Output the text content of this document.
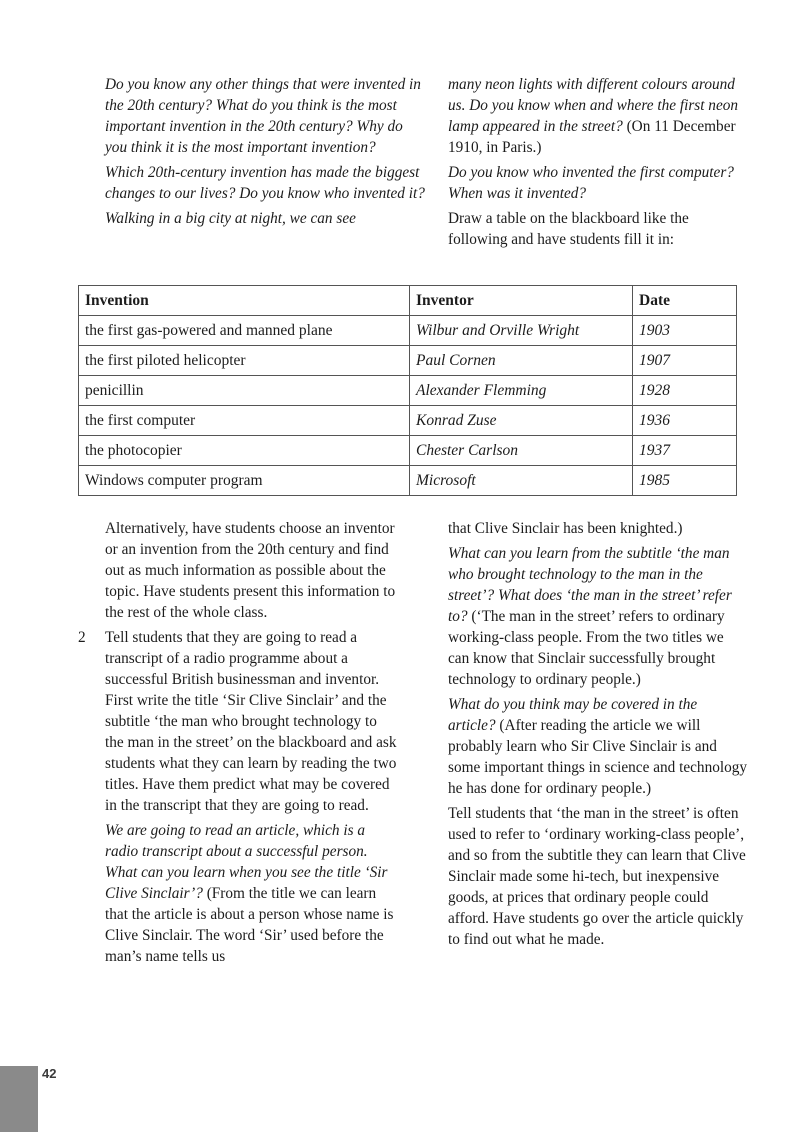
Do you know any other things that were invented in the 20th century? What do you think is the most important invention in the 20th century? Why do you think it is the most important invention?

Which 20th-century invention has made the biggest changes to our lives? Do you know who invented it?

Walking in a big city at night, we can see

many neon lights with different colours around us. Do you know when and where the first neon lamp appeared in the street? (On 11 December 1910, in Paris.)

Do you know who invented the first computer? When was it invented?

Draw a table on the blackboard like the following and have students fill it in:

Invention	Inventor	Date
the first gas-powered and manned plane	Wilbur and Orville Wright	1903
the first piloted helicopter	Paul Cornen	1907
penicillin	Alexander Flemming	1928
the first computer	Konrad Zuse	1936
the photocopier	Chester Carlson	1937
Windows computer program	Microsoft	1985

Alternatively, have students choose an inventor or an invention from the 20th century and find out as much information as possible about the topic. Have students present this information to the rest of the whole class.

2 Tell students that they are going to read a transcript of a radio programme about a successful British businessman and inventor. First write the title ‘Sir Clive Sinclair’ and the subtitle ‘the man who brought technology to the man in the street’ on the blackboard and ask students what they can learn by reading the two titles. Have them predict what may be covered in the transcript that they are going to read.

We are going to read an article, which is a radio transcript about a successful person. What can you learn when you see the title ‘Sir Clive Sinclair’? (From the title we can learn that the article is about a person whose name is Clive Sinclair. The word ‘Sir’ used before the man’s name tells us

that Clive Sinclair has been knighted.)

What can you learn from the subtitle ‘the man who brought technology to the man in the street’? What does ‘the man in the street’ refer to? (‘The man in the street’ refers to ordinary working-class people. From the two titles we can know that Sinclair successfully brought technology to ordinary people.)

What do you think may be covered in the article? (After reading the article we will probably learn who Sir Clive Sinclair is and some important things in science and technology he has done for ordinary people.)

Tell students that ‘the man in the street’ is often used to refer to ‘ordinary working-class people’, and so from the subtitle they can learn that Clive Sinclair made some hi-tech, but inexpensive goods, at prices that ordinary people could afford. Have students go over the article quickly to find out what he made.

42
